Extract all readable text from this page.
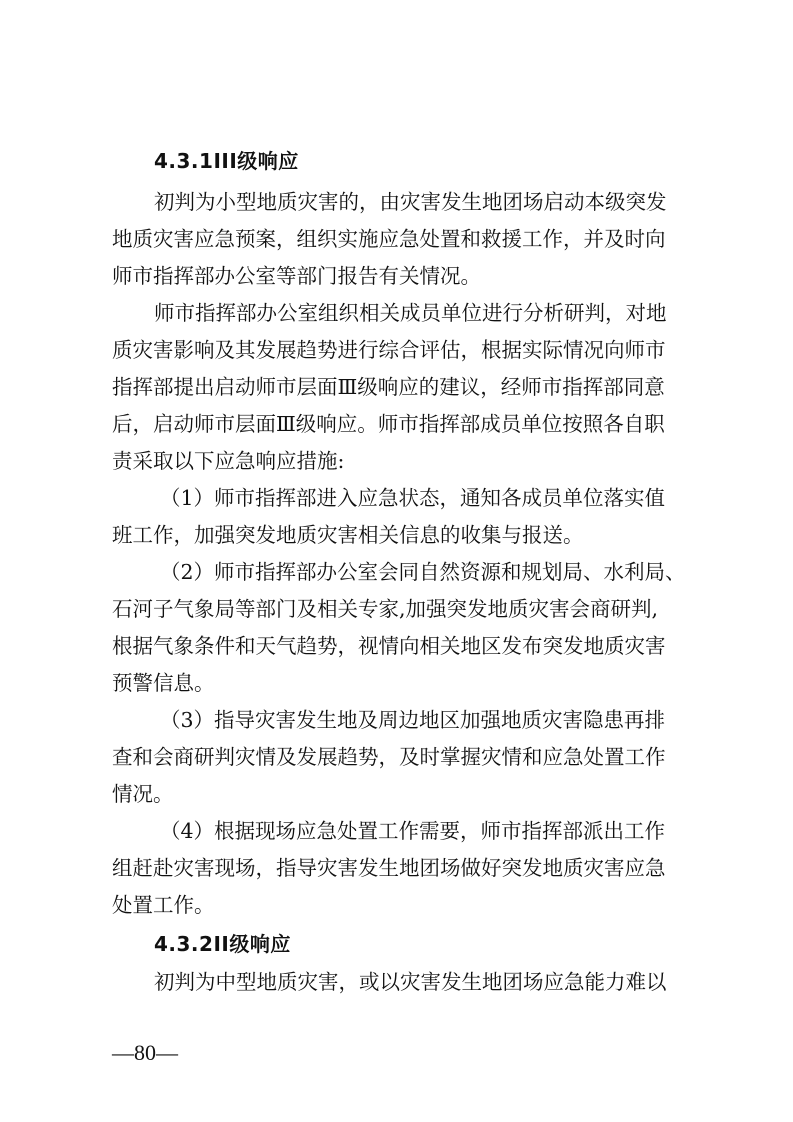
4.3.1III级响应
初判为小型地质灾害的，由灾害发生地团场启动本级突发
地质灾害应急预案，组织实施应急处置和救援工作，并及时向
师市指挥部办公室等部门报告有关情况。
师市指挥部办公室组织相关成员单位进行分析研判，对地
质灾害影响及其发展趋势进行综合评估，根据实际情况向师市
指挥部提出启动师市层面Ⅲ级响应的建议，经师市指挥部同意
后，启动师市层面Ⅲ级响应。师市指挥部成员单位按照各自职
责采取以下应急响应措施:
（1）师市指挥部进入应急状态，通知各成员单位落实值
班工作，加强突发地质灾害相关信息的收集与报送。
（2）师市指挥部办公室会同自然资源和规划局、水利局、
石河子气象局等部门及相关专家,加强突发地质灾害会商研判,
根据气象条件和天气趋势，视情向相关地区发布突发地质灾害
预警信息。
（3）指导灾害发生地及周边地区加强地质灾害隐患再排
查和会商研判灾情及发展趋势，及时掌握灾情和应急处置工作
情况。
（4）根据现场应急处置工作需要，师市指挥部派出工作
组赶赴灾害现场，指导灾害发生地团场做好突发地质灾害应急
处置工作。
4.3.2II级响应
初判为中型地质灾害，或以灾害发生地团场应急能力难以
—80—
